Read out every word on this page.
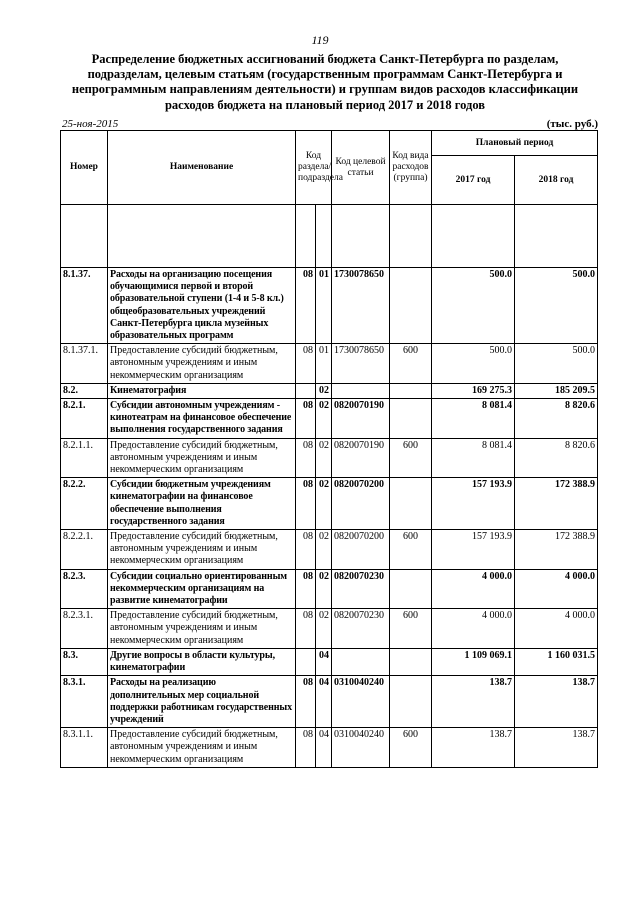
119
Распределение бюджетных ассигнований бюджета Санкт-Петербурга по разделам, подразделам, целевым статьям (государственным программам Санкт-Петербурга и непрограммным направлениям деятельности) и группам видов расходов классификации расходов бюджета на плановый период 2017 и 2018 годов
25-ноя-2015	(тыс. руб.)
Номер	Наименование	Код раздела/ подраздела		Код целевой статьи	Код вида расходов (группа)	Плановый период	
						2017 год	2018 год

8.1.37.	Расходы на организацию посещения обучающимися первой и второй образовательной ступени (1-4 и 5-8 кл.) общеобразовательных учреждений Санкт-Петербурга цикла музейных образовательных программ	08	01	1730078650		500.0	500.0
8.1.37.1.	Предоставление субсидий бюджетным, автономным учреждениям и иным некоммерческим организациям	08	01	1730078650	600	500.0	500.0
8.2.	Кинематография		02			169 275.3	185 209.5
8.2.1.	Субсидии автономным учреждениям - кинотеатрам на финансовое обеспечение выполнения государственного задания	08	02	0820070190		8 081.4	8 820.6
8.2.1.1.	Предоставление субсидий бюджетным, автономным учреждениям и иным некоммерческим организациям	08	02	0820070190	600	8 081.4	8 820.6
8.2.2.	Субсидии бюджетным учреждениям кинематографии на финансовое обеспечение выполнения государственного задания	08	02	0820070200		157 193.9	172 388.9
8.2.2.1.	Предоставление субсидий бюджетным, автономным учреждениям и иным некоммерческим организациям	08	02	0820070200	600	157 193.9	172 388.9
8.2.3.	Субсидии социально ориентированным некоммерческим организациям на развитие кинематографии	08	02	0820070230		4 000.0	4 000.0
8.2.3.1.	Предоставление субсидий бюджетным, автономным учреждениям и иным некоммерческим организациям	08	02	0820070230	600	4 000.0	4 000.0
8.3.	Другие вопросы в области культуры, кинематографии		04			1 109 069.1	1 160 031.5
8.3.1.	Расходы на реализацию дополнительных мер социальной поддержки работникам государственных учреждений	08	04	0310040240		138.7	138.7
8.3.1.1.	Предоставление субсидий бюджетным, автономным учреждениям и иным некоммерческим организациям	08	04	0310040240	600	138.7	138.7
